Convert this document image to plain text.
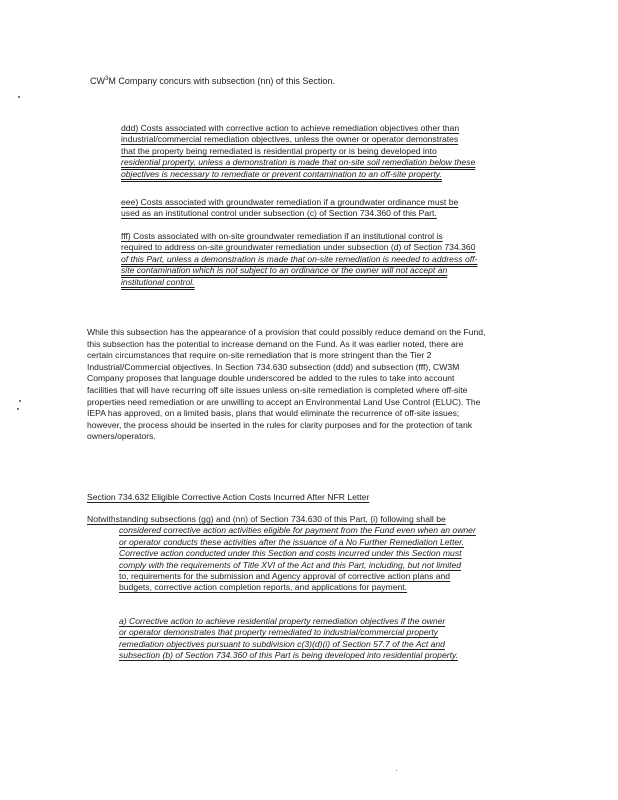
$CW^3M$ Company concurs with subsection (nn) of this Section.
ddd) Costs associated with corrective action to achieve remediation objectives other than
industrial/commercial remediation objectives, unless the owner or operator demonstrates
that the property being remediated is residential property or is being developed into
residential property, unless a demonstration is made that on-site soil remediation below these
objectives is necessary to remediate or prevent contamination to an off-site property.
eee) Costs associated with groundwater remediation if a groundwater ordinance must be
used as an institutional control under subsection (c) of Section 734.360 of this Part.
fff) Costs associated with on-site groundwater remediation if an institutional control is
required to address on-site groundwater remediation under subsection (d) of Section 734.360
of this Part, unless a demonstration is made that on-site remediation is needed to address off-
site contamination which is not subject to an ordinance or the owner will not accept an
institutional control.
While this subsection has the appearance of a provision that could possibly reduce demand on the Fund,
this subsection has the potential to increase demand on the Fund. As it was earlier noted, there are
certain circumstances that require on-site remediation that is more stringent than the Tier 2
Industrial/Commercial objectives. In Section 734.630 subsection (ddd) and subsection (fff), CW3M
Company proposes that language double underscored be added to the rules to take into account
facilities that will have recurring off site issues unless on-site remediation is completed where off-site
properties need remediation or are unwilling to accept an Environmental Land Use Control (ELUC). The
IEPA has approved, on a limited basis, plans that would eliminate the recurrence of off-site issues;
however, the process should be inserted in the rules for clarity purposes and for the protection of tank
owners/operators.
Section 734.632 Eligible Corrective Action Costs Incurred After NFR Letter
Notwithstanding subsections (gg) and (nn) of Section 734.630 of this Part, (i) following shall be
considered corrective action activities eligible for payment from the Fund even when an owner
or operator conducts these activities after the issuance of a No Further Remediation Letter.
Corrective action conducted under this Section and costs incurred under this Section must
comply with the requirements of Title XVI of the Act and this Part, including, but not limited
to, requirements for the submission and Agency approval of corrective action plans and
budgets, corrective action completion reports, and applications for payment.
a) Corrective action to achieve residential property remediation objectives if the owner
or operator demonstrates that property remediated to industrial/commercial property
remediation objectives pursuant to subdivision c(3)(d)(i) of Section 57.7 of the Act and
subsection (b) of Section 734.360 of this Part is being developed into residential property.
